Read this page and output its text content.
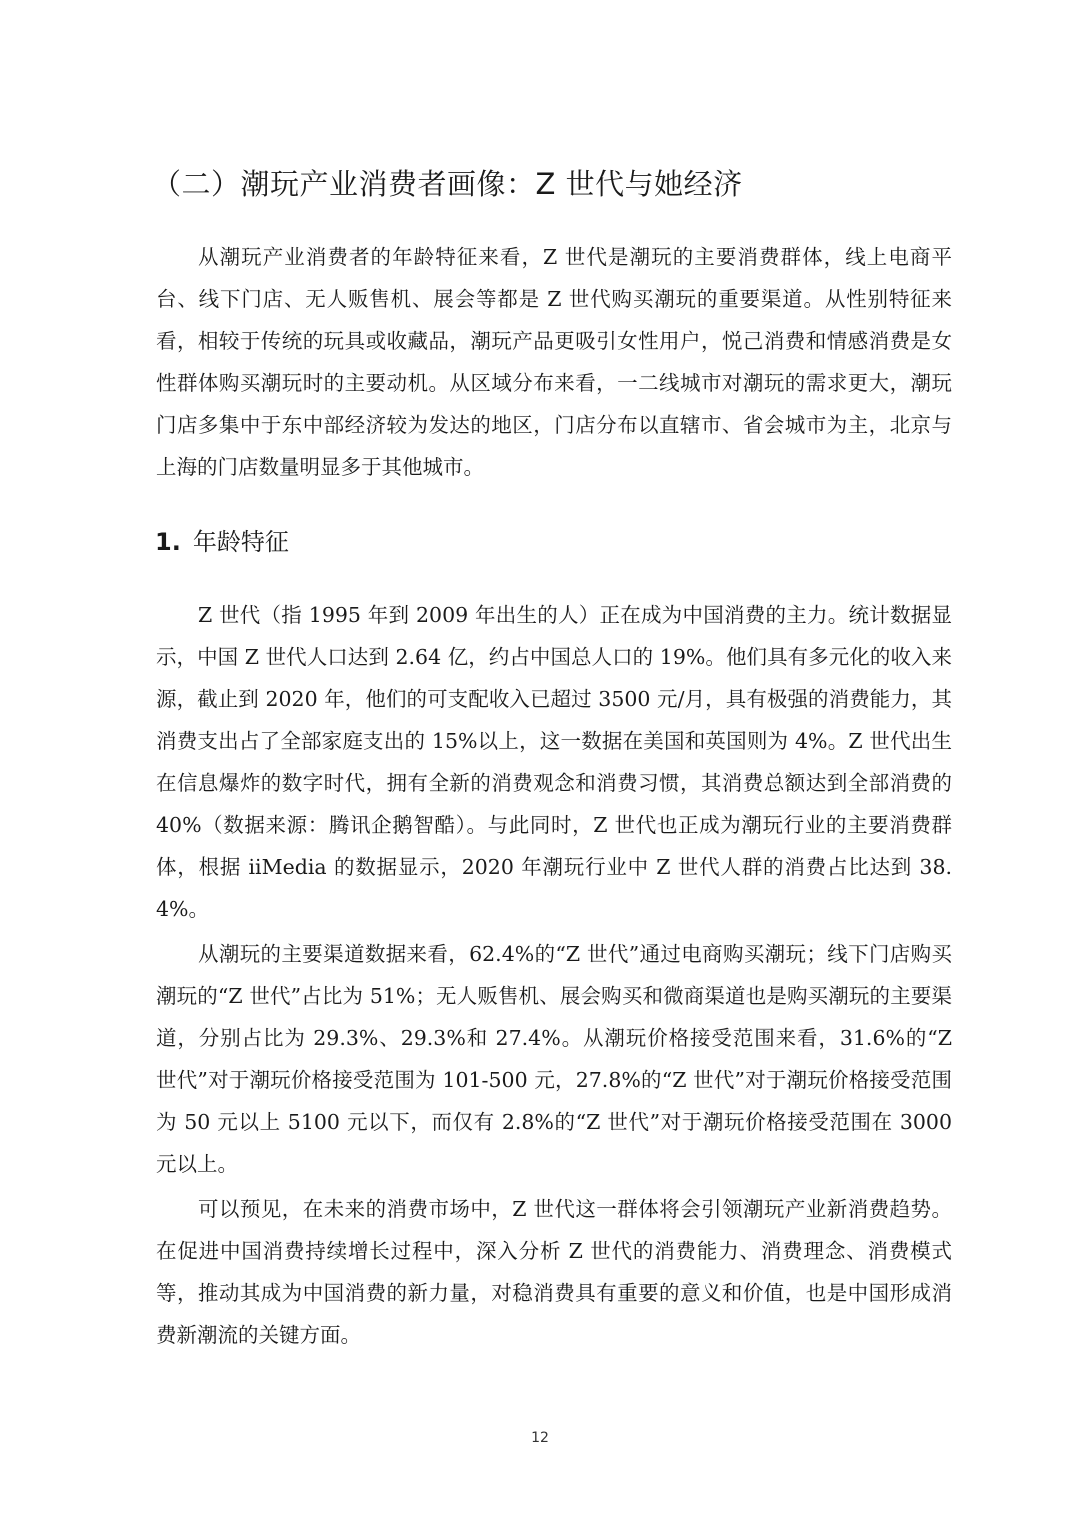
（二）潮玩产业消费者画像：Z 世代与她经济

从潮玩产业消费者的年龄特征来看，Z 世代是潮玩的主要消费群体，线上电商平台、线下门店、无人贩售机、展会等都是 Z 世代购买潮玩的重要渠道。从性别特征来看，相较于传统的玩具或收藏品，潮玩产品更吸引女性用户，悦己消费和情感消费是女性群体购买潮玩时的主要动机。从区域分布来看，一二线城市对潮玩的需求更大，潮玩门店多集中于东中部经济较为发达的地区，门店分布以直辖市、省会城市为主，北京与上海的门店数量明显多于其他城市。

1. 年龄特征

Z 世代（指 1995 年到 2009 年出生的人）正在成为中国消费的主力。统计数据显示，中国 Z 世代人口达到 2.64 亿，约占中国总人口的 19%。他们具有多元化的收入来源，截止到 2020 年，他们的可支配收入已超过 3500 元/月，具有极强的消费能力，其消费支出占了全部家庭支出的 15%以上，这一数据在美国和英国则为 4%。Z 世代出生在信息爆炸的数字时代，拥有全新的消费观念和消费习惯，其消费总额达到全部消费的 40%（数据来源：腾讯企鹅智酷）。与此同时，Z 世代也正成为潮玩行业的主要消费群体，根据 iiMedia 的数据显示，2020 年潮玩行业中 Z 世代人群的消费占比达到 38.4%。

从潮玩的主要渠道数据来看，62.4%的“Z 世代”通过电商购买潮玩；线下门店购买潮玩的“Z 世代”占比为 51%；无人贩售机、展会购买和微商渠道也是购买潮玩的主要渠道，分别占比为 29.3%、29.3%和 27.4%。从潮玩价格接受范围来看，31.6%的“Z 世代”对于潮玩价格接受范围为 101-500 元，27.8%的“Z 世代”对于潮玩价格接受范围为 50 元以上 5100 元以下，而仅有 2.8%的“Z 世代”对于潮玩价格接受范围在 3000 元以上。

可以预见，在未来的消费市场中，Z 世代这一群体将会引领潮玩产业新消费趋势。在促进中国消费持续增长过程中，深入分析 Z 世代的消费能力、消费理念、消费模式等，推动其成为中国消费的新力量，对稳消费具有重要的意义和价值，也是中国形成消费新潮流的关键方面。

12
